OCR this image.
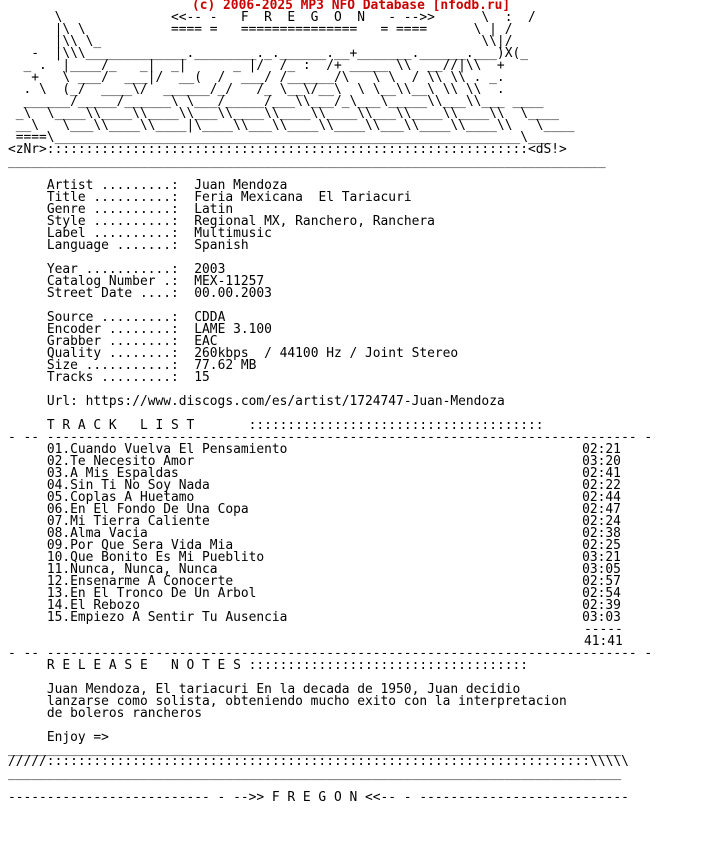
(c) 2006-2025 MP3 NFO Database [nfodb.ru]
\              <<-- -   F  R  E  G  O  N   - -->>      \  :  /
|\ \           ==== =   ===============   = ====      \ | /
|\\ \_                                                 \\|/
-  |\\\_____________.________._.______.__+_______.______.___)X(_
_ .  |____/_   _|  _|      _ |/  /_ :  /+ _____ \\  __//|\\  +
+   \ ___/  ___|/  __(  /  ___/ /______/\   \ \  / \\ \\ . _.
. \  (_/  ____\/  ______/_/   /_ \__\/__\  \ \__\\__\ \\ \\  .
______/_____/______\ \___/_____/___\\___/_\___\_____\\___\\___ ____
_\  \____\\____\\____\\___\\____\\____\\____\\___\\____\\____\\  \____
__\   \___\\____\\____|\____\\___\\____\\____\\___\\____\\____\\   \____
====\____________________________________________________________\___
<zNr>::::::::::::::::::::::::::::::::::::::::::::::::::::::::::::::<dS!>
_____________________________________________________________________________

Artist .........: Juan Mendoza
Title ..........: Feria Mexicana  El Tariacuri
Genre ..........: Latin
Style ..........: Regional MX, Ranchero, Ranchera
Label ..........: Multimusic
Language .......: Spanish
Year ...........: 2003
Catalog Number .: MEX-11257
Street Date ....: 00.00.2003
Source .........: CDDA
Encoder ........: LAME 3.100
Grabber ........: EAC
Quality ........: 260kbps  / 44100 Hz / Joint Stereo
Size ...........: 77.62 MB
Tracks .........: 15
Url: https://www.discogs.com/es/artist/1724747-Juan-Mendoza
T R A C K   L I S T	::::::::::::::::::::::::::::::::::::::
- -- ---------------------------------------------------------------------------- -
01.Cuando Vuelva El Pensamiento	02:21
02.Te Necesito Amor	03:20
03.A Mis Espaldas	02:41
04.Sin Ti No Soy Nada	02:22
05.Coplas A Huetamo	02:44
06.En El Fondo De Una Copa	02:47
07.Mi Tierra Caliente	02:24
08.Alma Vacia	02:38
09.Por Que Sera Vida Mia	02:25
10.Que Bonito Es Mi Pueblito	03:21
11.Nunca, Nunca, Nunca	03:05
12.Ensenarme A Conocerte	02:57
13.En El Tronco De Un Arbol	02:54
14.El Rebozo	02:39
15.Empiezo A Sentir Tu Ausencia	03:03
-----
41:41
- -- ---------------------------------------------------------------------------- -
R E L E A S E   N O T E S ::::::::::::::::::::::::::::::::::::
Juan Mendoza, El tariacuri En la decada de 1950, Juan decidio
lanzarse como solista, obteniendo mucho exito con la interpretacion
de boleros rancheros
Enjoy =>
_______________________________________________________________________________
/////::::::::::::::::::::::::::::::::::::::::::::::::::::::::::::::::::::::\\\\\
_______________________________________________________________________________
-------------------------- - -->> F R E G O N <<-- - ---------------------------
